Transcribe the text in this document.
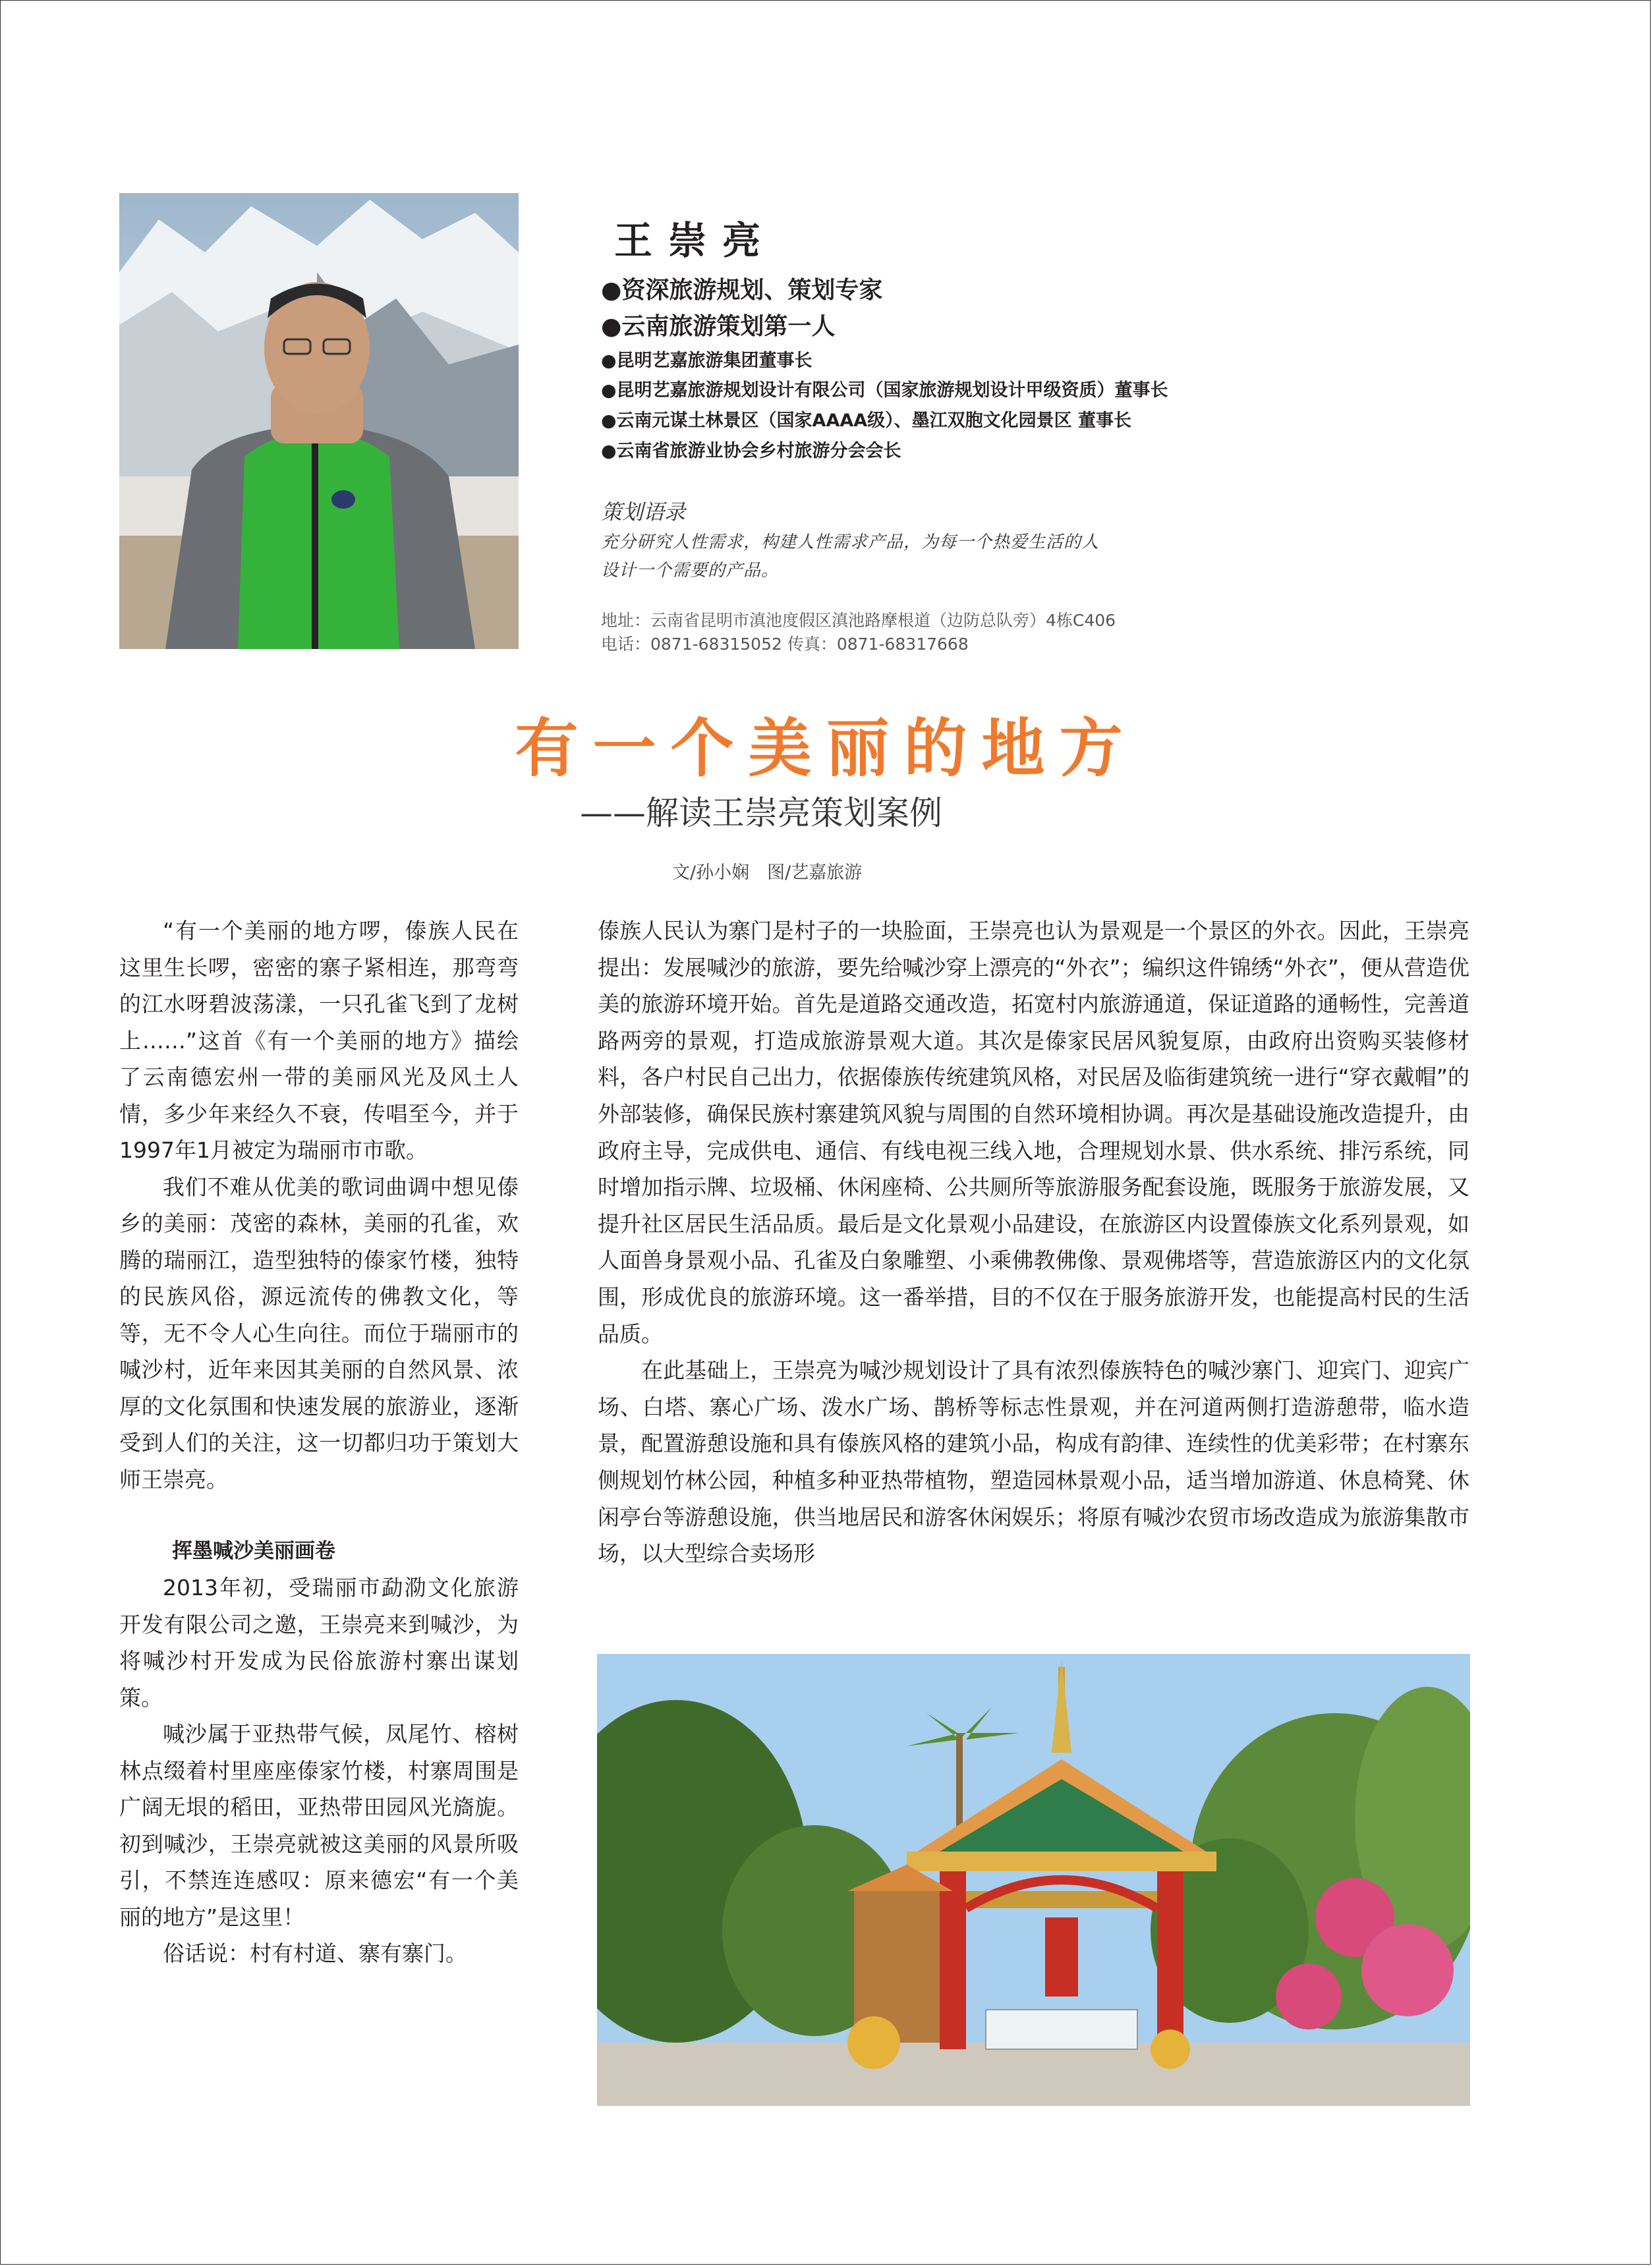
王崇亮
●资深旅游规划、策划专家
●云南旅游策划第一人
●昆明艺嘉旅游集团董事长
●昆明艺嘉旅游规划设计有限公司（国家旅游规划设计甲级资质）董事长
●云南元谋土林景区（国家AAAA级）、墨江双胞文化园景区 董事长
●云南省旅游业协会乡村旅游分会会长
策划语录
充分研究人性需求，构建人性需求产品，为每一个热爱生活的人
设计一个需要的产品。
地址：云南省昆明市滇池度假区滇池路摩根道（边防总队旁）4栋C406
电话：0871-68315052 传真：0871-68317668
有一个美丽的地方
——解读王崇亮策划案例
文/孙小娴　图/艺嘉旅游

“有一个美丽的地方啰，傣族人民在这里生长啰，密密的寨子紧相连，那弯弯的江水呀碧波荡漾，一只孔雀飞到了龙树上……”这首《有一个美丽的地方》描绘了云南德宏州一带的美丽风光及风土人情，多少年来经久不衰，传唱至今，并于1997年1月被定为瑞丽市市歌。

我们不难从优美的歌词曲调中想见傣乡的美丽：茂密的森林，美丽的孔雀，欢腾的瑞丽江，造型独特的傣家竹楼，独特的民族风俗，源远流传的佛教文化，等等，无不令人心生向往。而位于瑞丽市的喊沙村，近年来因其美丽的自然风景、浓厚的文化氛围和快速发展的旅游业，逐渐受到人们的关注，这一切都归功于策划大师王崇亮。

挥墨喊沙美丽画卷

2013年初，受瑞丽市勐泐文化旅游开发有限公司之邀，王崇亮来到喊沙，为将喊沙村开发成为民俗旅游村寨出谋划策。

喊沙属于亚热带气候，凤尾竹、榕树林点缀着村里座座傣家竹楼，村寨周围是广阔无垠的稻田，亚热带田园风光旖旎。初到喊沙，王崇亮就被这美丽的风景所吸引，不禁连连感叹：原来德宏“有一个美丽的地方”是这里！

俗话说：村有村道、寨有寨门。

傣族人民认为寨门是村子的一块脸面，王崇亮也认为景观是一个景区的外衣。因此，王崇亮提出：发展喊沙的旅游，要先给喊沙穿上漂亮的“外衣”；编织这件锦绣“外衣”，便从营造优美的旅游环境开始。首先是道路交通改造，拓宽村内旅游通道，保证道路的通畅性，完善道路两旁的景观，打造成旅游景观大道。其次是傣家民居风貌复原，由政府出资购买装修材料，各户村民自己出力，依据傣族传统建筑风格，对民居及临街建筑统一进行“穿衣戴帽”的外部装修，确保民族村寨建筑风貌与周围的自然环境相协调。再次是基础设施改造提升，由政府主导，完成供电、通信、有线电视三线入地，合理规划水景、供水系统、排污系统，同时增加指示牌、垃圾桶、休闲座椅、公共厕所等旅游服务配套设施，既服务于旅游发展，又提升社区居民生活品质。最后是文化景观小品建设，在旅游区内设置傣族文化系列景观，如人面兽身景观小品、孔雀及白象雕塑、小乘佛教佛像、景观佛塔等，营造旅游区内的文化氛围，形成优良的旅游环境。这一番举措，目的不仅在于服务旅游开发，也能提高村民的生活品质。

在此基础上，王崇亮为喊沙规划设计了具有浓烈傣族特色的喊沙寨门、迎宾门、迎宾广场、白塔、寨心广场、泼水广场、鹊桥等标志性景观，并在河道两侧打造游憩带，临水造景，配置游憩设施和具有傣族风格的建筑小品，构成有韵律、连续性的优美彩带；在村寨东侧规划竹林公园，种植多种亚热带植物，塑造园林景观小品，适当增加游道、休息椅凳、休闲亭台等游憩设施，供当地居民和游客休闲娱乐；将原有喊沙农贸市场改造成为旅游集散市场，以大型综合卖场形
